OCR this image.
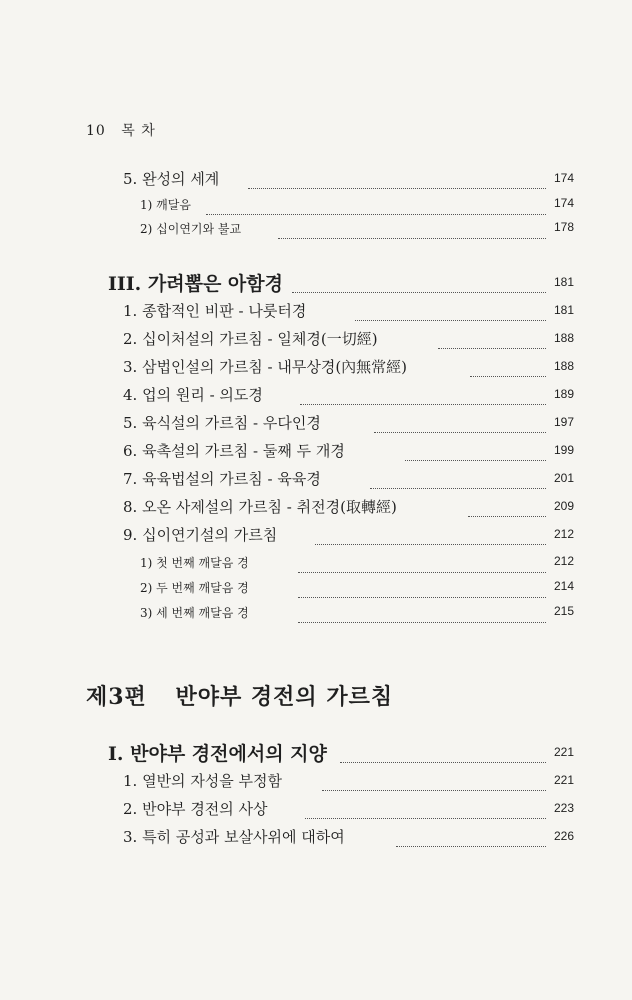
10 목 차
5. 완성의 세계	174
1) 깨달음	174
2) 십이연기와 불교	178
III. 가려뽑은 아함경	181
1. 종합적인 비판 - 나룻터경	181
2. 십이처설의 가르침 - 일체경(一切經)	188
3. 삼법인설의 가르침 - 내무상경(內無常經)	188
4. 업의 원리 - 의도경	189
5. 육식설의 가르침 - 우다인경	197
6. 육촉설의 가르침 - 둘째 두 개경	199
7. 육육법설의 가르침 - 육육경	201
8. 오온 사제설의 가르침 - 취전경(取轉經)	209
9. 십이연기설의 가르침	212
1) 첫 번째 깨달음 경	212
2) 두 번째 깨달음 경	214
3) 세 번째 깨달음 경	215
제3편 반야부 경전의 가르침
I. 반야부 경전에서의 지양	221
1. 열반의 자성을 부정함	221
2. 반야부 경전의 사상	223
3. 특히 공성과 보살사위에 대하여	226
